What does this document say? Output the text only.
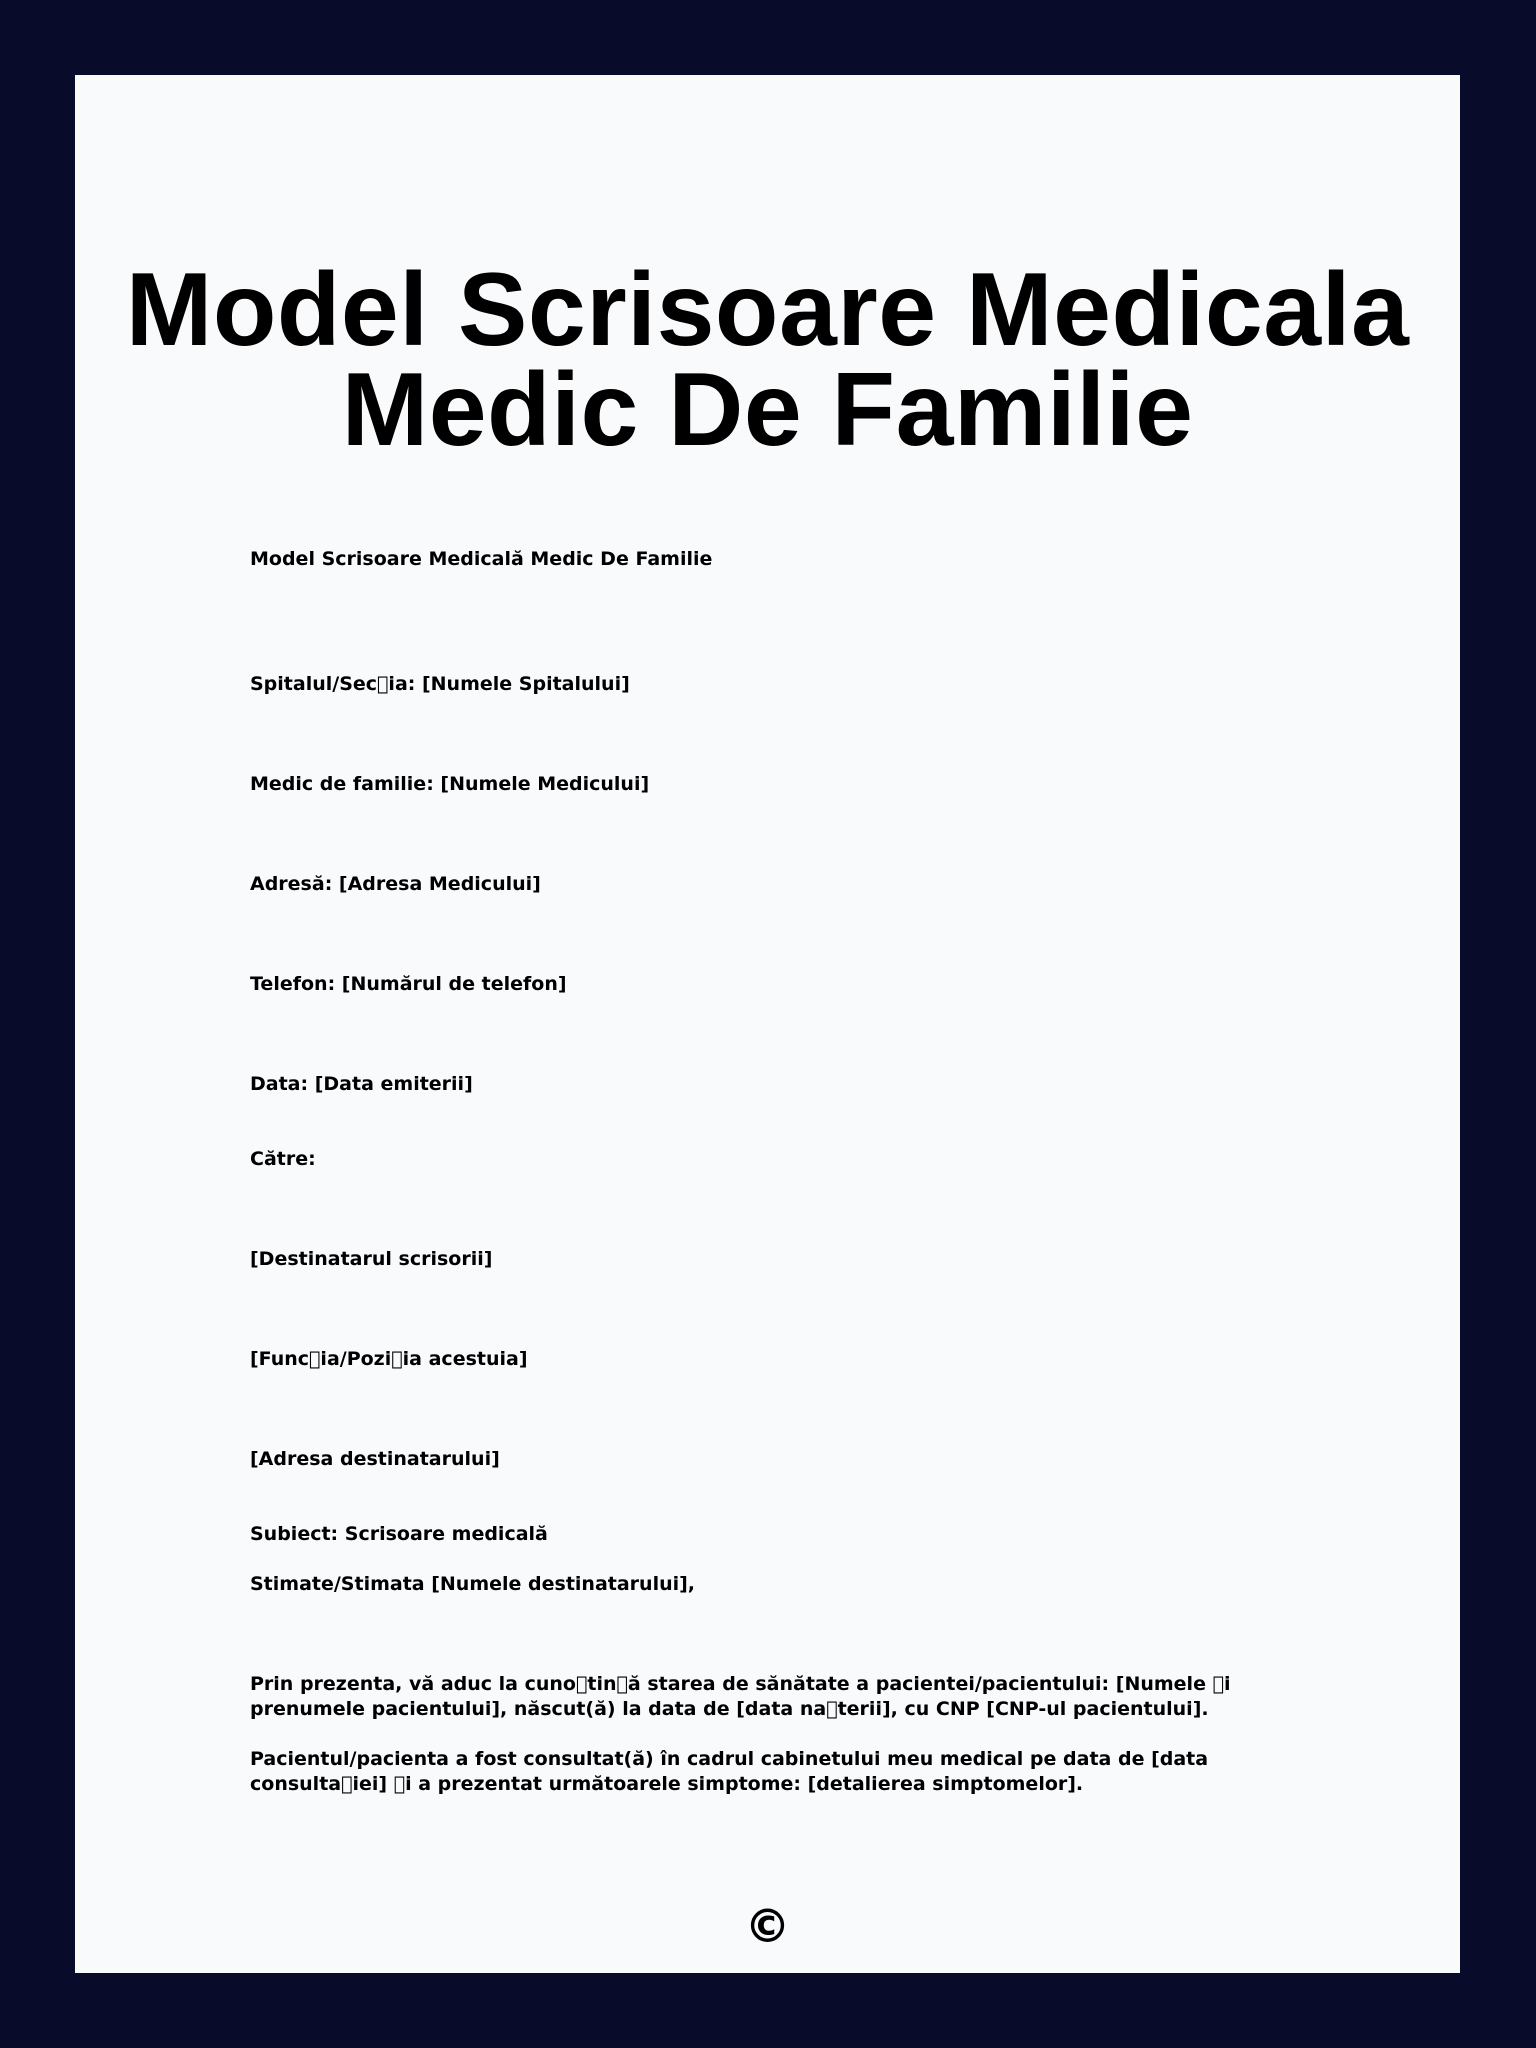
Model Scrisoare Medicala
Medic De Familie

Model Scrisoare Medicală Medic De Familie

Spitalul/Sec ia: [Numele Spitalului]

Medic de familie: [Numele Medicului]

Adresă: [Adresa Medicului]

Telefon: [Numărul de telefon]

Data: [Data emiterii]

Către:

[Destinatarul scrisorii]

[Func ia/Pozi ia acestuia]

[Adresa destinatarului]

Subiect: Scrisoare medicală

Stimate/Stimata [Numele destinatarului],

Prin prezenta, vă aduc la cuno tin ă starea de sănătate a pacientei/pacientului: [Numele  i prenumele pacientului], născut(ă) la data de [data na terii], cu CNP [CNP-ul pacientului].

Pacientul/pacienta a fost consultat(ă) în cadrul cabinetului meu medical pe data de [data consulta iei]  i a prezentat următoarele simptome: [detalierea simptomelor].

©
